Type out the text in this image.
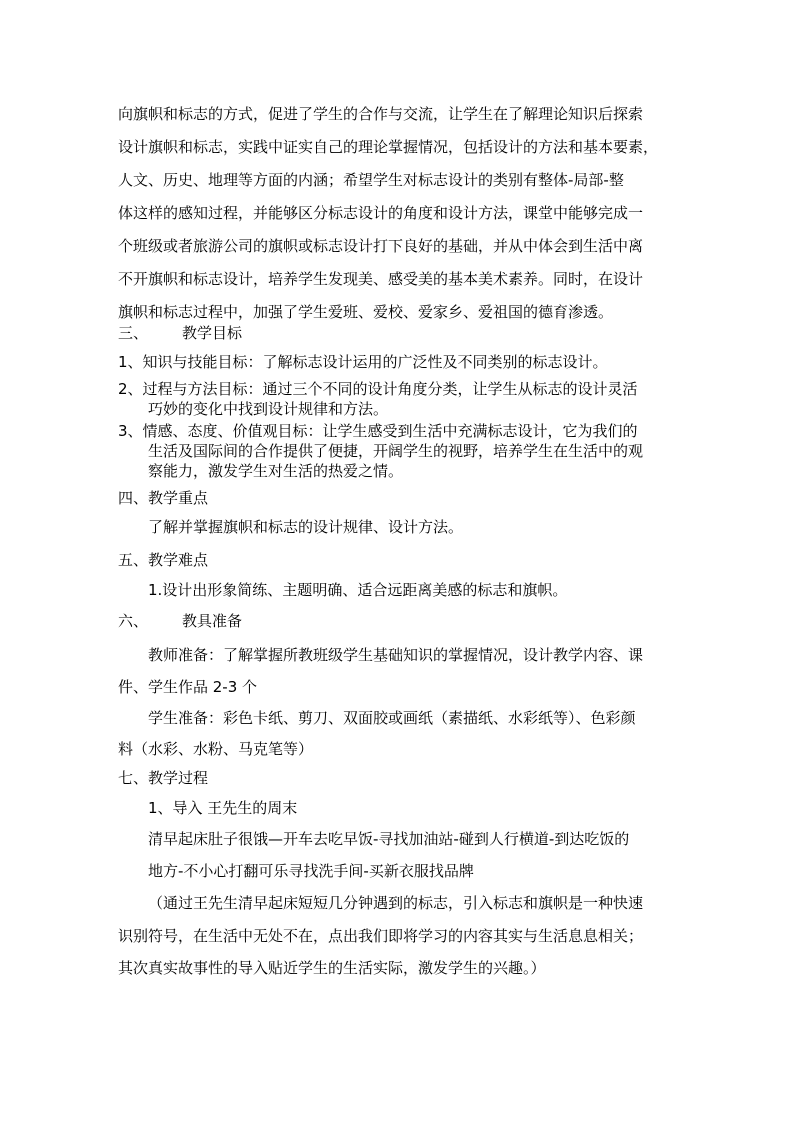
向旗帜和标志的方式，促进了学生的合作与交流，让学生在了解理论知识后探索
设计旗帜和标志，实践中证实自己的理论掌握情况，包括设计的方法和基本要素，
人文、历史、地理等方面的内涵；希望学生对标志设计的类别有整体-局部-整
体这样的感知过程，并能够区分标志设计的角度和设计方法，课堂中能够完成一
个班级或者旅游公司的旗帜或标志设计打下良好的基础，并从中体会到生活中离
不开旗帜和标志设计，培养学生发现美、感受美的基本美术素养。同时，在设计
旗帜和标志过程中，加强了学生爱班、爱校、爱家乡、爱祖国的德育渗透。
三、 教学目标
1、知识与技能目标：了解标志设计运用的广泛性及不同类别的标志设计。
2、过程与方法目标：通过三个不同的设计角度分类，让学生从标志的设计灵活
巧妙的变化中找到设计规律和方法。
3、情感、态度、价值观目标：让学生感受到生活中充满标志设计，它为我们的
生活及国际间的合作提供了便捷，开阔学生的视野，培养学生在生活中的观
察能力，激发学生对生活的热爱之情。
四、教学重点
了解并掌握旗帜和标志的设计规律、设计方法。
五、教学难点
1.设计出形象简练、主题明确、适合远距离美感的标志和旗帜。
六、 教具准备
教师准备：了解掌握所教班级学生基础知识的掌握情况，设计教学内容、课
件、学生作品 2-3 个
学生准备：彩色卡纸、剪刀、双面胶或画纸（素描纸、水彩纸等）、色彩颜
料（水彩、水粉、马克笔等）
七、教学过程
1、导入 王先生的周末
清早起床肚子很饿—开车去吃早饭-寻找加油站-碰到人行横道-到达吃饭的
地方-不小心打翻可乐寻找洗手间-买新衣服找品牌
（通过王先生清早起床短短几分钟遇到的标志，引入标志和旗帜是一种快速
识别符号，在生活中无处不在，点出我们即将学习的内容其实与生活息息相关；
其次真实故事性的导入贴近学生的生活实际，激发学生的兴趣。）
